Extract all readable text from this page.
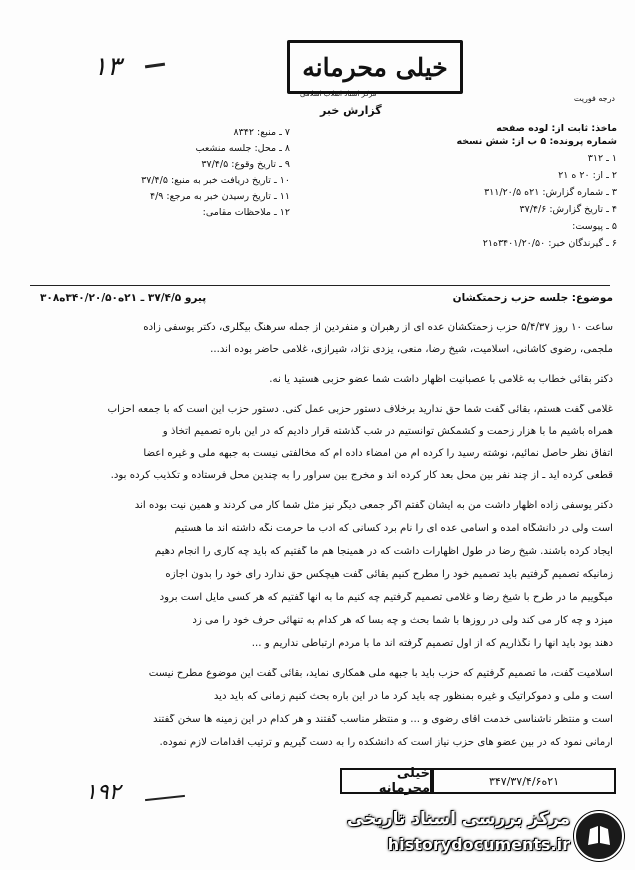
درجه فوریت
۱۳	خیلی محرمانه
مرکز اسناد انقلاب اسلامی
گزارش خبر
ماخذ: ثابت از: لوده صفحه
شماره پرونده: ۵ ب از: شش نسخه
۱ ـ ۳۱۲
۲ ـ از: ۲۰ ه ۲۱
۳ ـ شماره گزارش: ۲۱ه ۳۱۱/۲۰/۵
۴ ـ تاریخ گزارش: ۳۷/۴/۶
۵ ـ پیوست:
۶ ـ گیرندگان خبر: ۳۴۰۱/۲۰/۵۰ه۲۱
۷ ـ منبع: ۸۳۴۲
۸ ـ محل: جلسه منشعب
۹ ـ تاریخ وقوع: ۳۷/۴/۵
۱۰ ـ تاریخ دریافت خبر به منبع: ۳۷/۴/۵
۱۱ ـ تاریخ رسیدن خبر به مرجع: ۴/۹
۱۲ ـ ملاحظات مقامی:
موضوع: جلسه حزب زحمتکشان
پیرو ۳۷/۴/۵ ـ ۲۱ه۳۴۰/۲۰/۵۰ه۳۰۸
ساعت ۱۰ روز ۵/۴/۳۷ حزب زحمتکشان عده ای از رهبران و منفردین از جمله سرهنگ بیگلری، دکتر یوسفی زاده
ملجمی، رضوی کاشانی، اسلامیت، شیخ رضا، منعی، یزدی نژاد، شیرازی، غلامی حاضر بوده اند...
دکتر بقائی خطاب به غلامی با عصبانیت اظهار داشت شما عضو حزبی هستید یا نه.
غلامی گفت هستم، بقائی گفت شما حق ندارید برخلاف دستور حزبی عمل کنی. دستور حزب این است که با جمعه احزاب
همراه باشیم ما با هزار زحمت و کشمکش توانستیم در شب گذشته قرار دادیم که در این باره تصمیم اتخاذ و
اتفاق نظر حاصل نمائیم، نوشته رسید را کرده ام من امضاء داده ام که مخالفتی نیست به جبهه ملی و غیره اعضا
قطعی کرده اید ـ از چند نفر بین محل بعد کار کرده اند و مخرج بین سرآور را به چندین محل فرستاده و تکذیب کرده بود.
دکتر یوسفی زاده اظهار داشت من به ایشان گفتم اگر جمعی دیگر نیز مثل شما کار می کردند و همین نیت بوده اند
است ولی در دانشگاه آمده و اسامی عده ای را نام برد کسانی که ادب ما حرمت نگه داشته اند ما هستیم
ایجاد کرده باشند. شیخ رضا در طول اظهارات داشت که در همینجا هم ما گفتیم که باید چه کاری را انجام دهیم
زمانیکه تصمیم گرفتیم باید تصمیم خود را مطرح کنیم بقائی گفت هیچکس حق ندارد رای خود را بدون اجازه
میگوییم ما در طرح با شیخ رضا و غلامی تصمیم گرفتیم چه کنیم ما به آنها گفتیم که هر کسی مایل است برود
میزد و چه کار می کند ولی در روزها با شما بحث و چه بسا که هر کدام به تنهائی حرف خود را می زد
دهند بود باید آنها را نگذاریم که از اول تصمیم گرفته اند ما با مردم ارتباطی نداریم و ...
اسلامیت گفت، ما تصمیم گرفتیم که حزب باید با جبهه ملی همکاری نماید، بقائی گفت این موضوع مطرح نیست
است و ملی و دموکراتیک و غیره بمنظور چه باید کرد ما در این باره بحث کنیم زمانی که باید دید
است و منتظر ناشناسی خدمت آقای رضوی و ... و منتظر مناسب گفتند و هر کدام در این زمینه ها سخن گفتند
آرمانی نمود که در بین عضو های حزب نیاز است که دانشکده را به دست گیریم و ترتیب اقدامات لازم نموده.
خیلی محرمانه	۲۱ه۳۴۷/۳۷/۴/۶
۱۹۲
مرکز بررسی اسناد تاریخی
historydocuments.ir
